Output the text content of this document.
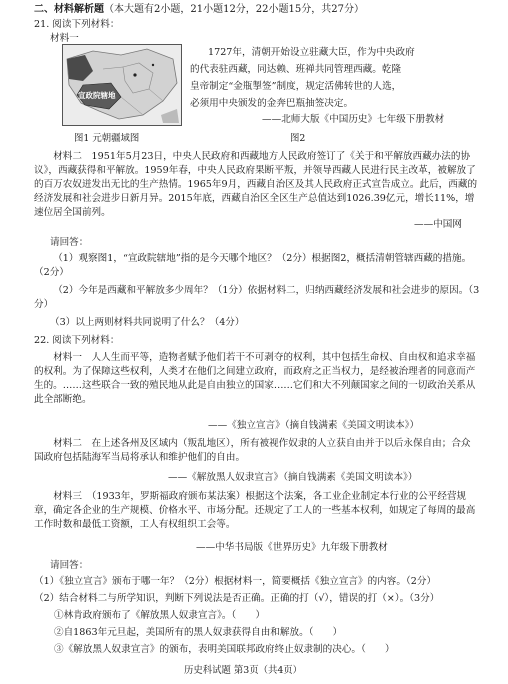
二、材料解析题（本大题有2小题，21小题12分，22小题15分，共27分）
21. 阅读下列材料：
材料一
宣政院辖地
1727年，清朝开始设立驻藏大臣，作为中央政府
的代表驻西藏，同达赖、班禅共同管理西藏。乾隆
皇帝制定“金瓶掣签”制度，规定活佛转世的人选，
必须用中央颁发的金奔巴瓶抽签决定。
——北师大版《中国历史》七年级下册教材
图1 元朝疆域图	图2
材料二　1951年5月23日，中央人民政府和西藏地方人民政府签订了《关于和平解放西藏办法的协议》，西藏获得和平解放。1959年春，中央人民政府果断平叛，并领导西藏人民进行民主改革，被解放了的百万农奴迸发出无比的生产热情。1965年9月，西藏自治区及其人民政府正式宣告成立。此后，西藏的经济发展和社会进步日新月异。2015年底，西藏自治区全区生产总值达到1026.39亿元，增长11%，增速位居全国前列。
——中国网
请回答：
（1）观察图1，“宣政院辖地”指的是今天哪个地区？（2分）根据图2，概括清朝管辖西藏的措施。（2分）
（2）今年是西藏和平解放多少周年？（1分）依据材料二，归纳西藏经济发展和社会进步的原因。（3分）
（3）以上两则材料共同说明了什么？（4分）
22. 阅读下列材料：
材料一　人人生而平等，造物者赋予他们若干不可剥夺的权利，其中包括生命权、自由权和追求幸福的权利。为了保障这些权利，人类才在他们之间建立政府，而政府之正当权力，是经被治理者的同意而产生的。……这些联合一致的殖民地从此是自由独立的国家……它们和大不列颠国家之间的一切政治关系从此全部断绝。
——《独立宣言》（摘自钱满素《美国文明读本》）
材料二　在上述各州及区域内（叛乱地区），所有被视作奴隶的人立获自由并于以后永保自由；合众国政府包括陆海军当局将承认和维护他们的自由。
——《解放黑人奴隶宣言》（摘自钱满素《美国文明读本》）
材料三　（1933年，罗斯福政府颁布某法案）根据这个法案，各工业企业制定本行业的公平经营规章，确定各企业的生产规模、价格水平、市场分配。还规定了工人的一些基本权利，如规定了每周的最高工作时数和最低工资额，工人有权组织工会等。
——中华书局版《世界历史》九年级下册教材
请回答：
（1）《独立宣言》颁布于哪一年？（2分）根据材料一，简要概括《独立宣言》的内容。（2分）
（2）结合材料二与所学知识，判断下列说法是否正确。正确的打（√），错误的打（×）。（3分）
①林肯政府颁布了《解放黑人奴隶宣言》。（　　）
②自1863年元旦起，美国所有的黑人奴隶获得自由和解放。（　　）
③《解放黑人奴隶宣言》的颁布，表明美国联邦政府终止奴隶制的决心。（　　）
历史科试题 第3页（共4页）
